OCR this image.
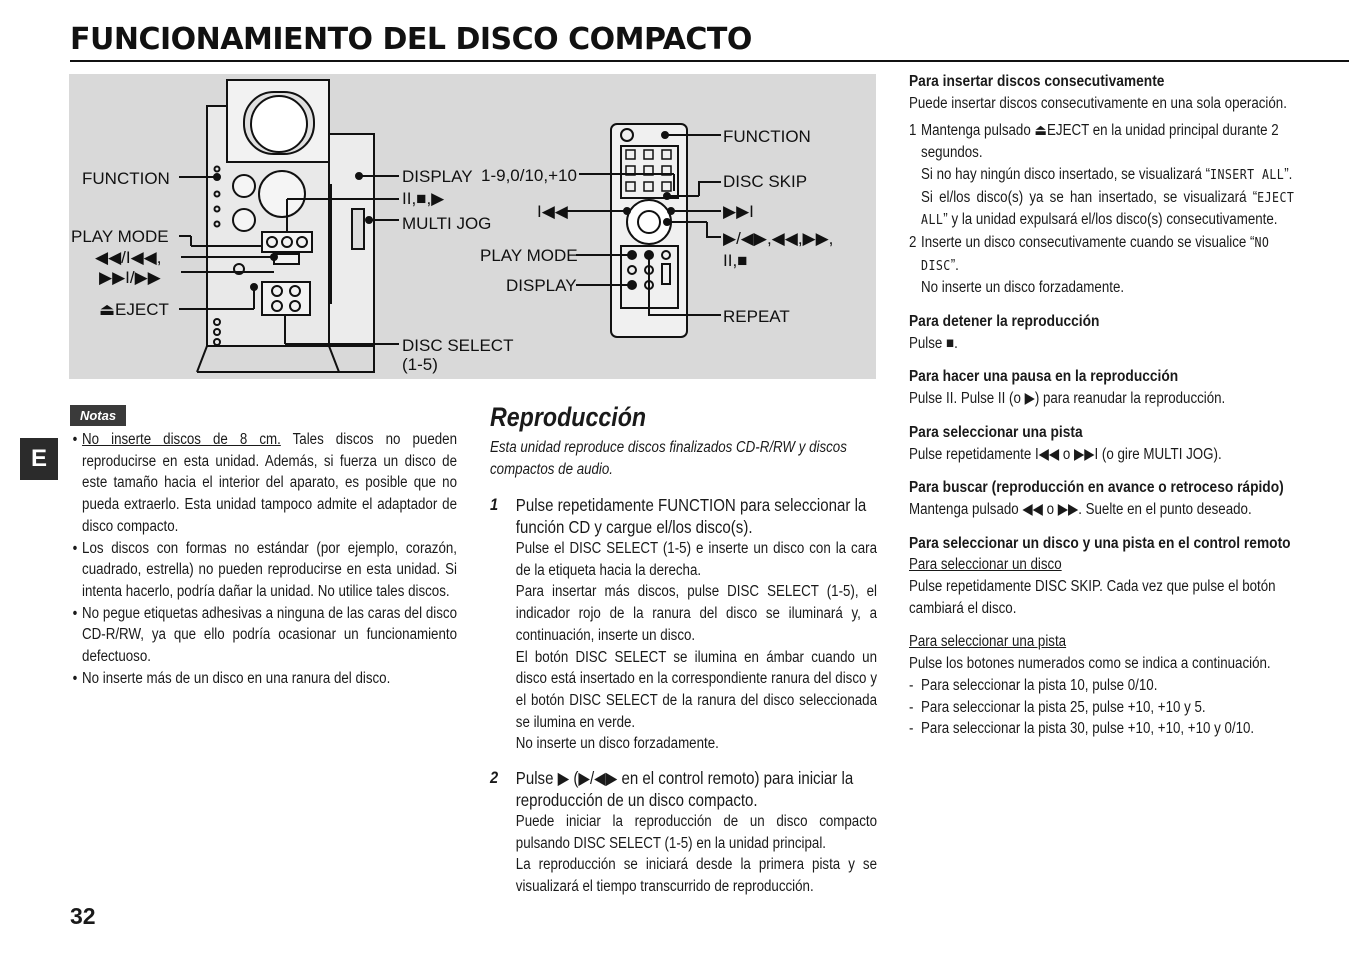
FUNCIONAMIENTO DEL DISCO COMPACTO
FUNCTION
PLAY MODE
◀◀/I◀◀,
▶▶I/▶▶
⏏EJECT
DISPLAY
II,■,▶
MULTI JOG
DISC SELECT
(1-5)
FUNCTION
1-9,0/10,+10	DISC SKIP
I◀◀	▶▶I
▶/◀▶,◀◀,▶▶,
II,■
PLAY MODE
DISPLAY
REPEAT
E
Notas

• No inserte discos de 8 cm. Tales discos no pueden reproducirse en esta unidad. Además, si fuerza un disco de este tamaño hacia el interior del aparato, es posible que no pueda extraerlo. Esta unidad tampoco admite el adaptador de disco compacto.

• Los discos con formas no estándar (por ejemplo, corazón, cuadrado, estrella) no pueden reproducirse en esta unidad. Si intenta hacerlo, podría dañar la unidad. No utilice tales discos.

• No pegue etiquetas adhesivas a ninguna de las caras del disco CD-R/RW, ya que ello podría ocasionar un funcionamiento defectuoso.

• No inserte más de un disco en una ranura del disco.

Reproducción
Esta unidad reproduce discos finalizados CD-R/RW y discos compactos de audio.
1 Pulse repetidamente FUNCTION para seleccionar la función CD y cargue el/los disco(s).

Pulse el DISC SELECT (1-5) e inserte un disco con la cara de la etiqueta hacia la derecha.

Para insertar más discos, pulse DISC SELECT (1-5), el indicador rojo de la ranura del disco se iluminará y, a continuación, inserte un disco.

El botón DISC SELECT se ilumina en ámbar cuando un disco está insertado en la correspondiente ranura del disco y el botón DISC SELECT de la ranura del disco seleccionada se ilumina en verde.

No inserte un disco forzadamente.

2 Pulse ▶ (▶/◀▶ en el control remoto) para iniciar la reproducción de un disco compacto.

Puede iniciar la reproducción de un disco compacto pulsando DISC SELECT (1-5) en la unidad principal.

La reproducción se iniciará desde la primera pista y se visualizará el tiempo transcurrido de reproducción.

Para insertar discos consecutivamente

Puede insertar discos consecutivamente en una sola operación.

1 Mantenga pulsado ⏏EJECT en la unidad principal durante 2 segundos.

Si no hay ningún disco insertado, se visualizará “INSERT ALL”.

Si el/los disco(s) ya se han insertado, se visualizará “EJECT ALL” y la unidad expulsará el/los disco(s) consecutivamente.

2 Inserte un disco consecutivamente cuando se visualice “NO DISC”.

No inserte un disco forzadamente.

Para detener la reproducción

Pulse ■.

Para hacer una pausa en la reproducción

Pulse II. Pulse II (o ▶) para reanudar la reproducción.

Para seleccionar una pista

Pulse repetidamente I◀◀ o ▶▶I (o gire MULTI JOG).

Para buscar (reproducción en avance o retroceso rápido)

Mantenga pulsado ◀◀ o ▶▶. Suelte en el punto deseado.

Para seleccionar un disco y una pista en el control remoto

Para seleccionar un disco

Pulse repetidamente DISC SKIP. Cada vez que pulse el botón cambiará el disco.

Para seleccionar una pista

Pulse los botones numerados como se indica a continuación.

- Para seleccionar la pista 10, pulse 0/10.

- Para seleccionar la pista 25, pulse +10, +10 y 5.

- Para seleccionar la pista 30, pulse +10, +10, +10 y 0/10.

32
